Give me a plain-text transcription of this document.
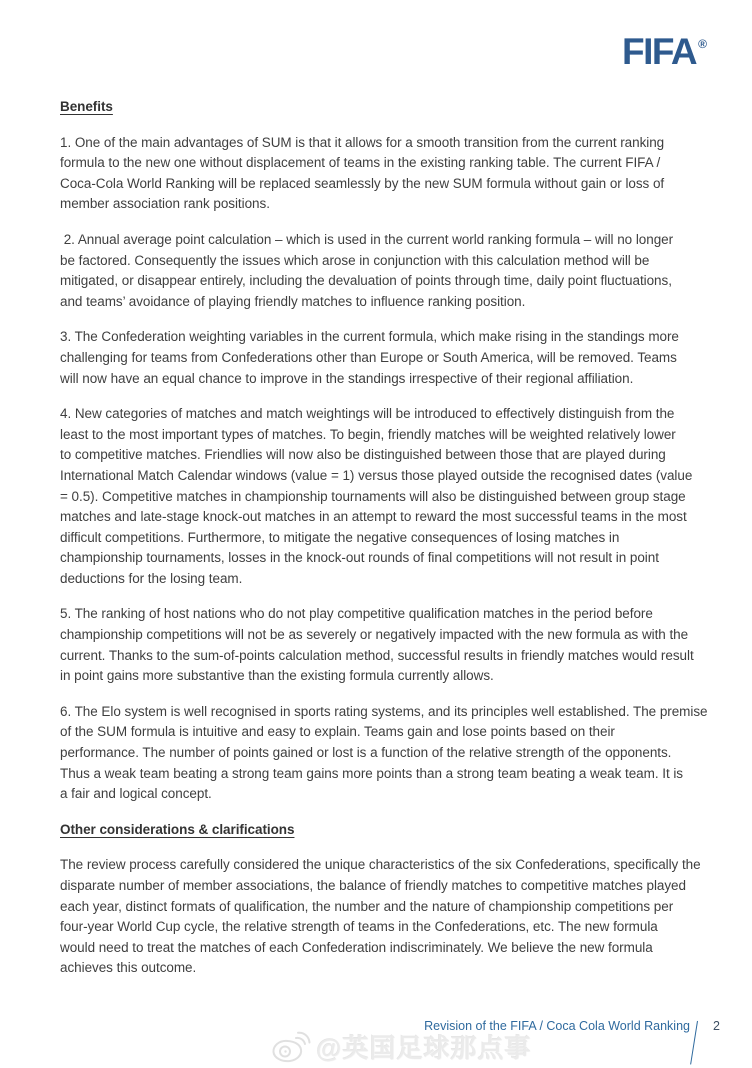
FIFA ®
Benefits
1. One of the main advantages of SUM is that it allows for a smooth transition from the current ranking
formula to the new one without displacement of teams in the existing ranking table. The current FIFA /
Coca-Cola World Ranking will be replaced seamlessly by the new SUM formula without gain or loss of
member association rank positions.
2. Annual average point calculation – which is used in the current world ranking formula – will no longer
be factored. Consequently the issues which arose in conjunction with this calculation method will be
mitigated, or disappear entirely, including the devaluation of points through time, daily point fluctuations,
and teams’ avoidance of playing friendly matches to influence ranking position.
3. The Confederation weighting variables in the current formula, which make rising in the standings more
challenging for teams from Confederations other than Europe or South America, will be removed. Teams
will now have an equal chance to improve in the standings irrespective of their regional affiliation.
4. New categories of matches and match weightings will be introduced to effectively distinguish from the
least to the most important types of matches. To begin, friendly matches will be weighted relatively lower
to competitive matches. Friendlies will now also be distinguished between those that are played during
International Match Calendar windows (value = 1) versus those played outside the recognised dates (value
= 0.5). Competitive matches in championship tournaments will also be distinguished between group stage
matches and late-stage knock-out matches in an attempt to reward the most successful teams in the most
difficult competitions. Furthermore, to mitigate the negative consequences of losing matches in
championship tournaments, losses in the knock-out rounds of final competitions will not result in point
deductions for the losing team.
5. The ranking of host nations who do not play competitive qualification matches in the period before
championship competitions will not be as severely or negatively impacted with the new formula as with the
current. Thanks to the sum-of-points calculation method, successful results in friendly matches would result
in point gains more substantive than the existing formula currently allows.
6. The Elo system is well recognised in sports rating systems, and its principles well established. The premise
of the SUM formula is intuitive and easy to explain. Teams gain and lose points based on their
performance. The number of points gained or lost is a function of the relative strength of the opponents.
Thus a weak team beating a strong team gains more points than a strong team beating a weak team. It is
a fair and logical concept.
Other considerations & clarifications
The review process carefully considered the unique characteristics of the six Confederations, specifically the
disparate number of member associations, the balance of friendly matches to competitive matches played
each year, distinct formats of qualification, the number and the nature of championship competitions per
four-year World Cup cycle, the relative strength of teams in the Confederations, etc. The new formula
would need to treat the matches of each Confederation indiscriminately. We believe the new formula
achieves this outcome.
Revision of the FIFA / Coca Cola World Ranking 2
@英国足球那点事
